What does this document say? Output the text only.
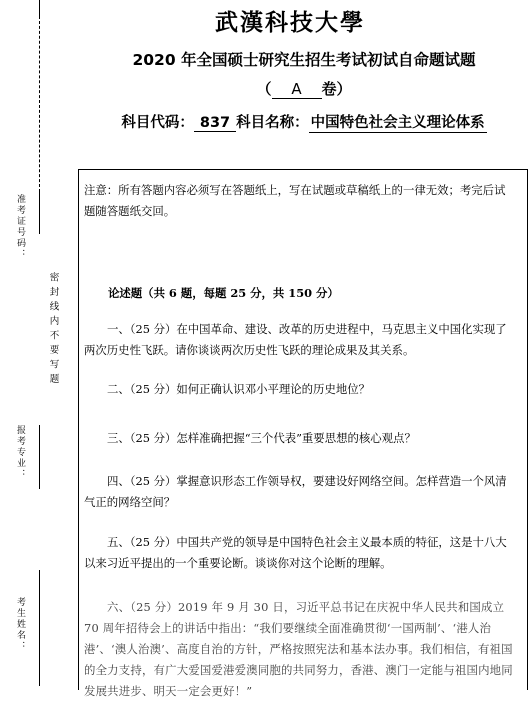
准考证号码：
密封线内不要写题
报考专业：
考生姓名：
武漢科技大學
2020 年全国硕士研究生招生考试初试自命题试题
（ A 卷）
科目代码： 837 科目名称： 中国特色社会主义理论体系
注意：所有答题内容必须写在答题纸上，写在试题或草稿纸上的一律无效；考完后试题随答题纸交回。
论述题（共 6 题，每题 25 分，共 150 分）
一、（25 分）在中国革命、建设、改革的历史进程中，马克思主义中国化实现了两次历史性飞跃。请你谈谈两次历史性飞跃的理论成果及其关系。
二、（25 分）如何正确认识邓小平理论的历史地位？
三、（25 分）怎样准确把握“三个代表”重要思想的核心观点？
四、（25 分）掌握意识形态工作领导权，要建设好网络空间。怎样营造一个风清气正的网络空间？
五、（25 分）中国共产党的领导是中国特色社会主义最本质的特征，这是十八大以来习近平提出的一个重要论断。谈谈你对这个论断的理解。
六、（25 分）2019 年 9 月 30 日，习近平总书记在庆祝中华人民共和国成立 70 周年招待会上的讲话中指出：“我们要继续全面准确贯彻‘一国两制’、‘港人治港’、‘澳人治澳’、高度自治的方针，严格按照宪法和基本法办事。我们相信，有祖国的全力支持，有广大爱国爱港爱澳同胞的共同努力，香港、澳门一定能与祖国内地同发展共进步、明天一定会更好！”
